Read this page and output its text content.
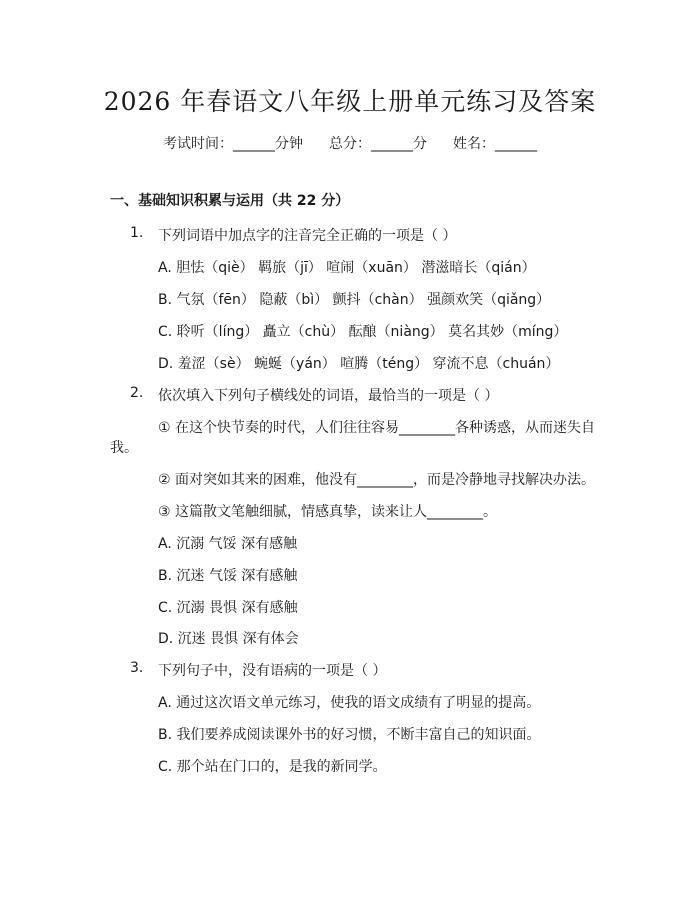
2026 年春语文八年级上册单元练习及答案
考试时间：______分钟 总分：______分 姓名：______
一、基础知识积累与运用（共 22 分）
1. 下列词语中加点字的注音完全正确的一项是（ ）
A. 胆怯（qiè） 羁旅（jī） 喧闹（xuān） 潜滋暗长（qián）
B. 气氛（fēn） 隐蔽（bì） 颤抖（chàn） 强颜欢笑（qiǎng）
C. 聆听（líng） 矗立（chù） 酝酿（niàng） 莫名其妙（míng）
D. 羞涩（sè） 蜿蜒（yán） 喧腾（téng） 穿流不息（chuán）
2. 依次填入下列句子横线处的词语，最恰当的一项是（ ）
① 在这个快节奏的时代，人们往往容易________各种诱惑，从而迷失自
我。
② 面对突如其来的困难，他没有________，而是冷静地寻找解决办法。
③ 这篇散文笔触细腻，情感真挚，读来让人________。
A. 沉溺 气馁 深有感触
B. 沉迷 气馁 深有感触
C. 沉溺 畏惧 深有感触
D. 沉迷 畏惧 深有体会
3. 下列句子中，没有语病的一项是（ ）
A. 通过这次语文单元练习，使我的语文成绩有了明显的提高。
B. 我们要养成阅读课外书的好习惯，不断丰富自己的知识面。
C. 那个站在门口的，是我的新同学。
